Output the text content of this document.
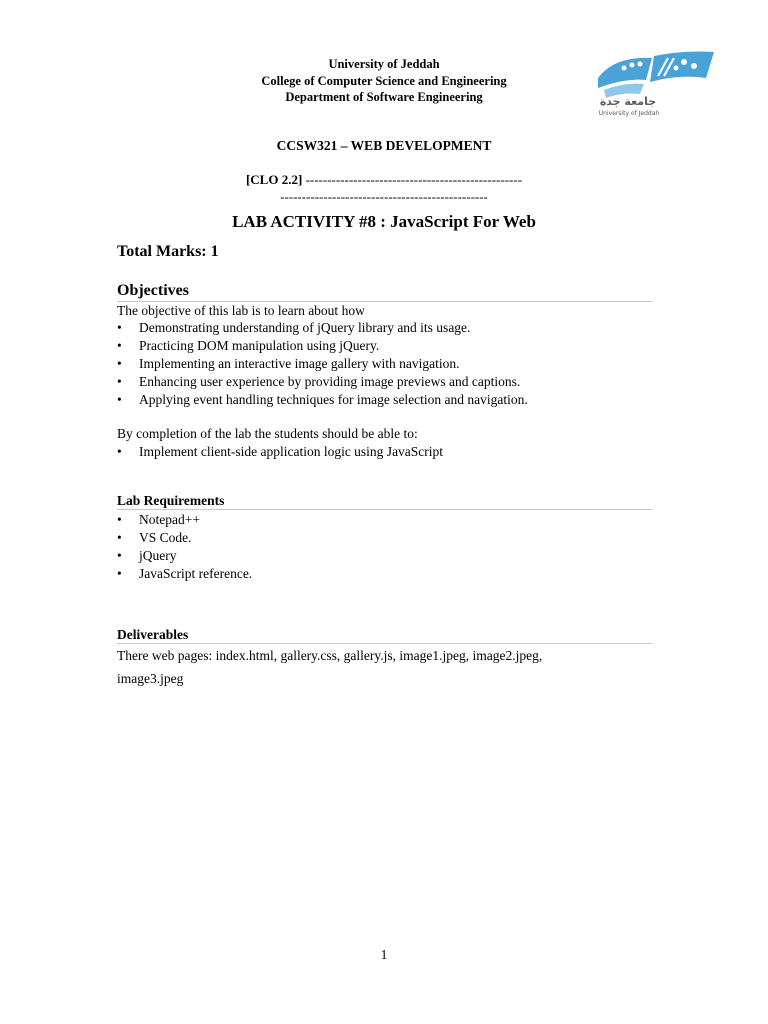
University of Jeddah
College of Computer Science and Engineering
Department of Software Engineering	جامعة جدة
University of Jeddah
CCSW321 – WEB DEVELOPMENT
[CLO 2.2] --------------------------------------------------
------------------------------------------------
LAB ACTIVITY #8 : JavaScript For Web
Total Marks: 1
Objectives
The objective of this lab is to learn about how
•	Demonstrating understanding of jQuery library and its usage.
•	Practicing DOM manipulation using jQuery.
•	Implementing an interactive image gallery with navigation.
•	Enhancing user experience by providing image previews and captions.
•	Applying event handling techniques for image selection and navigation.
By completion of the lab the students should be able to:
•	Implement client-side application logic using JavaScript
Lab Requirements
•	Notepad++
•	VS Code.
•	jQuery
•	JavaScript reference.
Deliverables
There web pages: index.html, gallery.css, gallery.js, image1.jpeg, image2.jpeg,
image3.jpeg
1
